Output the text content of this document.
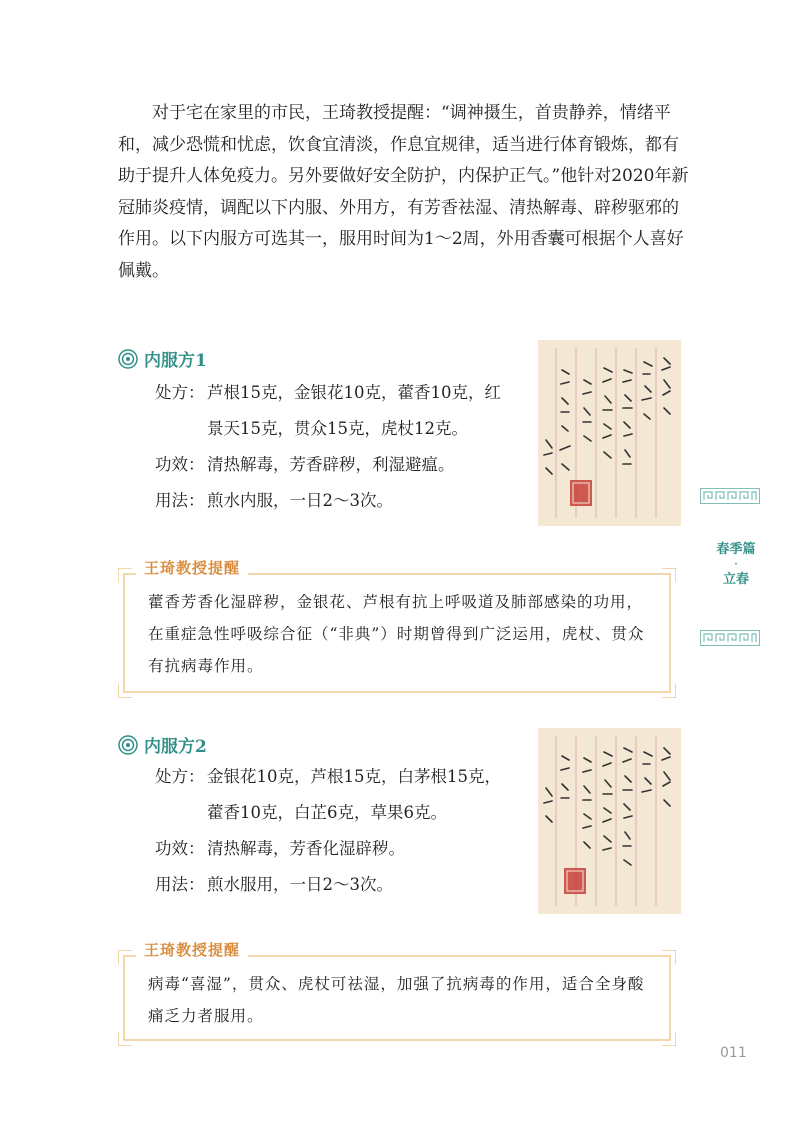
对于宅在家里的市民，王琦教授提醒：“调神摄生，首贵静养，情绪平和，减少恐慌和忧虑，饮食宜清淡，作息宜规律，适当进行体育锻炼，都有助于提升人体免疫力。另外要做好安全防护，内保护正气。”他针对2020年新冠肺炎疫情，调配以下内服、外用方，有芳香祛湿、清热解毒、辟秽驱邪的作用。以下内服方可选其一，服用时间为1～2周，外用香囊可根据个人喜好佩戴。

内服方1
处方： 芦根15克，金银花10克，藿香10克，红
景天15克，贯众15克，虎杖12克。
功效： 清热解毒，芳香辟秽，利湿避瘟。
用法： 煎水内服，一日2～3次。
王琦教授提醒
藿香芳香化湿辟秽，金银花、芦根有抗上呼吸道及肺部感染的功用，在重症急性呼吸综合征（“非典”）时期曾得到广泛运用，虎杖、贯众有抗病毒作用。
内服方2
处方： 金银花10克，芦根15克，白茅根15克，
藿香10克，白芷6克，草果6克。
功效： 清热解毒，芳香化湿辟秽。
用法： 煎水服用，一日2～3次。
王琦教授提醒
病毒“喜湿”，贯众、虎杖可祛湿，加强了抗病毒的作用，适合全身酸痛乏力者服用。
春季篇
·
立春
011
